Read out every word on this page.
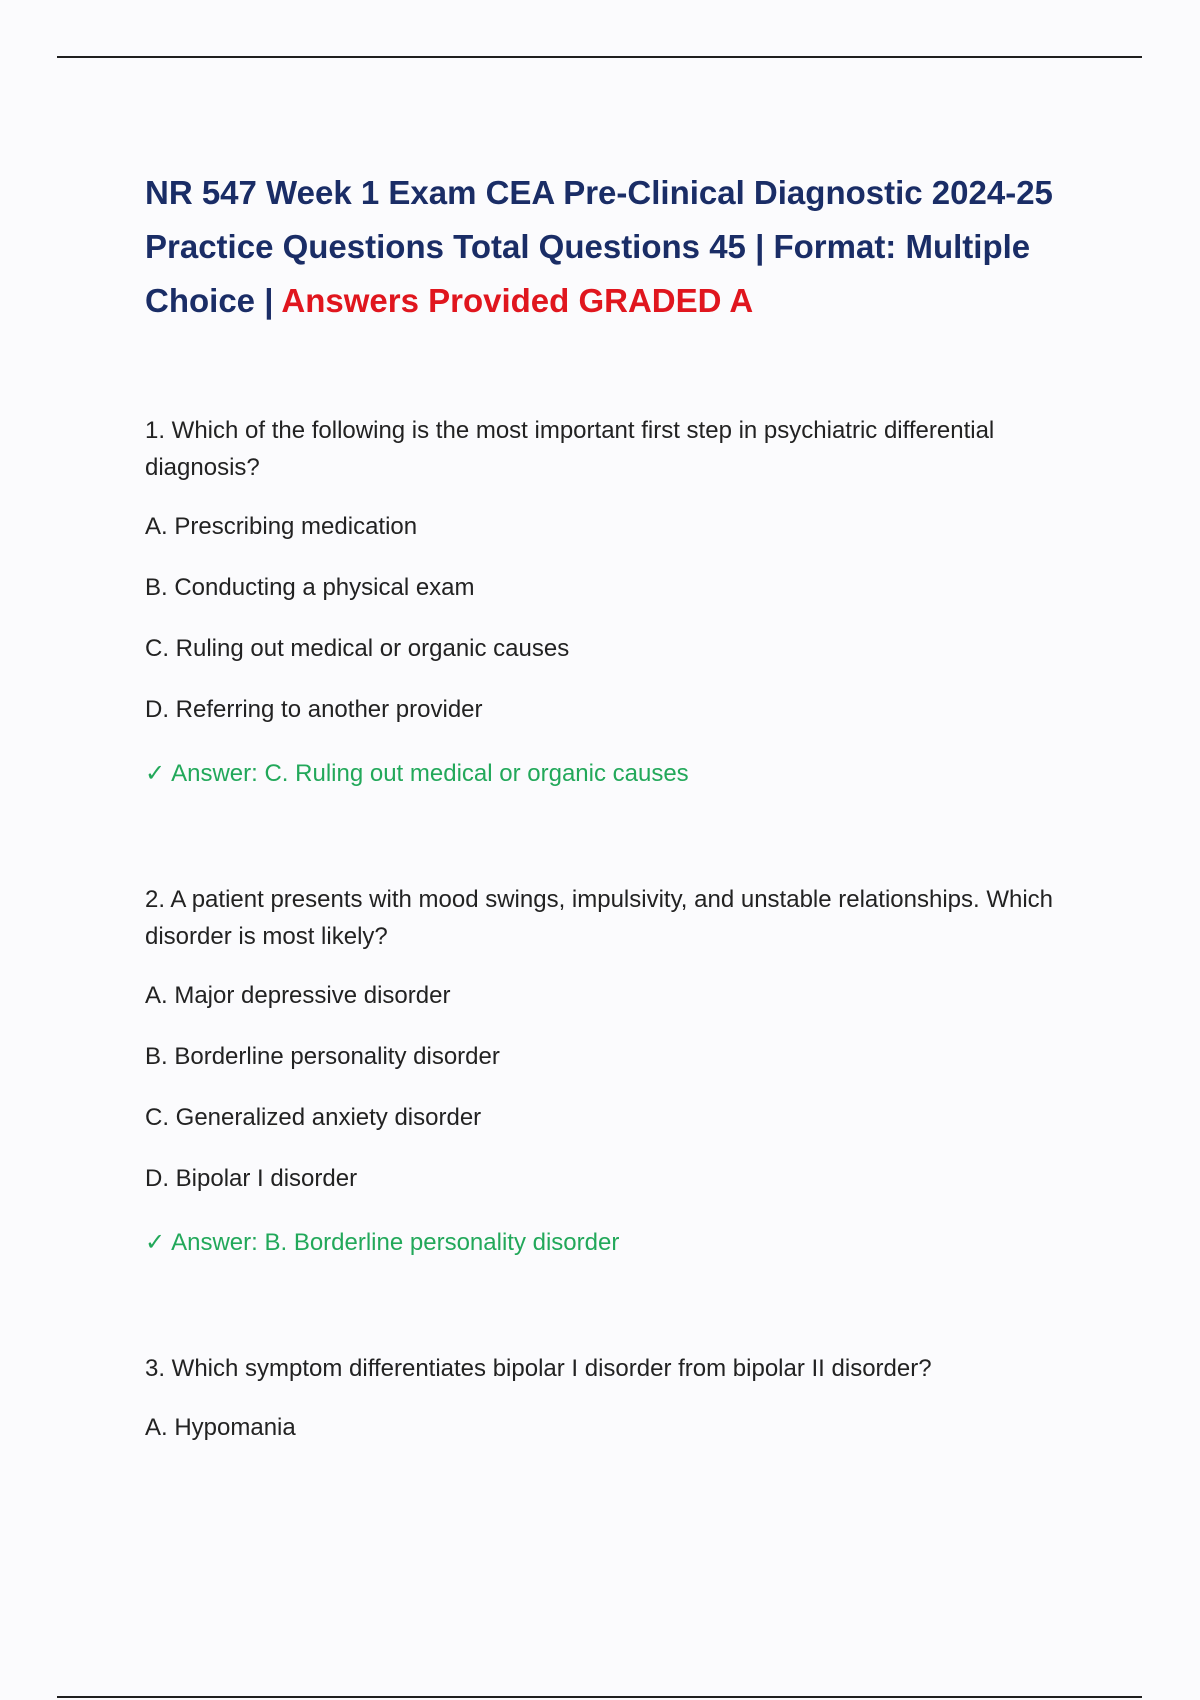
NR 547 Week 1 Exam CEA Pre-Clinical Diagnostic 2024-25 Practice Questions Total Questions 45 | Format: Multiple Choice | Answers Provided GRADED A

1. Which of the following is the most important first step in psychiatric differential diagnosis?

A. Prescribing medication

B. Conducting a physical exam

C. Ruling out medical or organic causes

D. Referring to another provider

✓ Answer: C. Ruling out medical or organic causes

2. A patient presents with mood swings, impulsivity, and unstable relationships. Which disorder is most likely?

A. Major depressive disorder

B. Borderline personality disorder

C. Generalized anxiety disorder

D. Bipolar I disorder

✓ Answer: B. Borderline personality disorder

3. Which symptom differentiates bipolar I disorder from bipolar II disorder?

A. Hypomania
